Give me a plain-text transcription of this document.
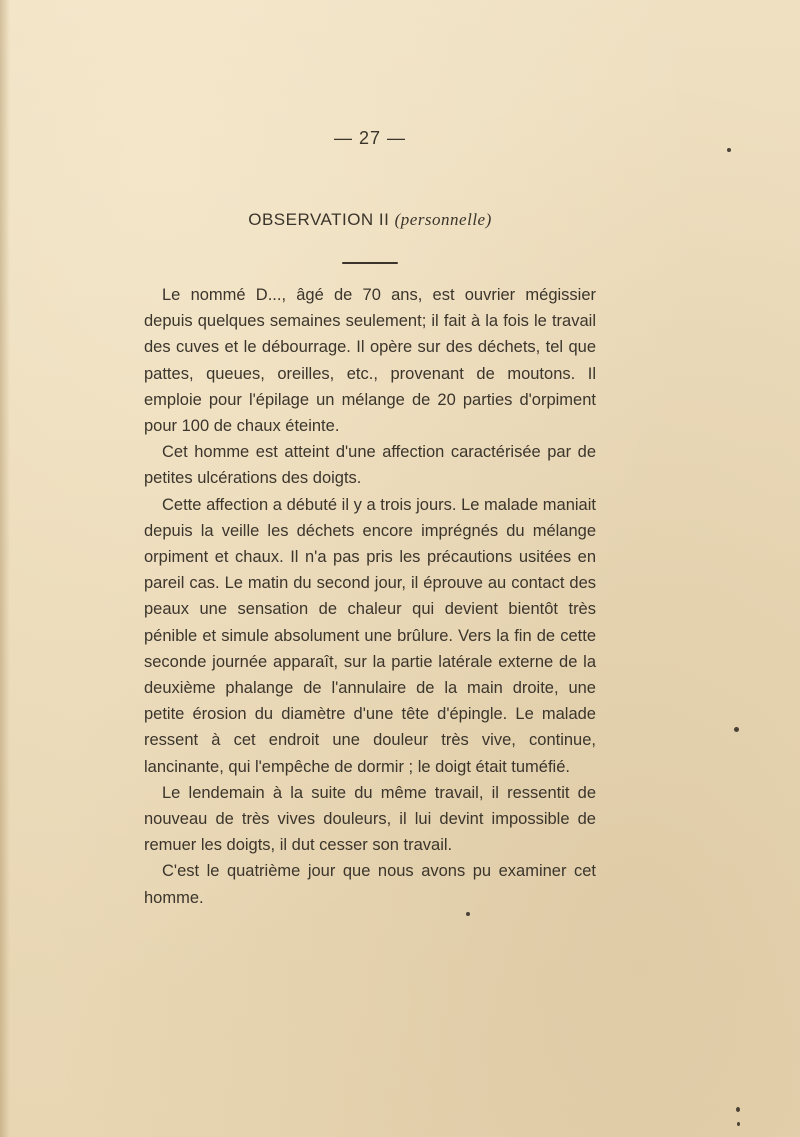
— 27 —
OBSERVATION II (personnelle)

Le nommé D..., âgé de 70 ans, est ouvrier mégissier depuis quelques semaines seulement; il fait à la fois le travail des cuves et le débourrage. Il opère sur des déchets, tel que pattes, queues, oreilles, etc., provenant de moutons. Il emploie pour l'épilage un mélange de 20 parties d'orpiment pour 100 de chaux éteinte.

Cet homme est atteint d'une affection caractérisée par de petites ulcérations des doigts.

Cette affection a débuté il y a trois jours. Le malade maniait depuis la veille les déchets encore imprégnés du mélange orpiment et chaux. Il n'a pas pris les précautions usitées en pareil cas. Le matin du second jour, il éprouve au contact des peaux une sensation de chaleur qui devient bientôt très pénible et simule absolument une brûlure. Vers la fin de cette seconde journée apparaît, sur la partie latérale externe de la deuxième phalange de l'annulaire de la main droite, une petite érosion du diamètre d'une tête d'épingle. Le malade ressent à cet endroit une douleur très vive, continue, lancinante, qui l'empêche de dormir ; le doigt était tuméfié.

Le lendemain à la suite du même travail, il ressentit de nouveau de très vives douleurs, il lui devint impossible de remuer les doigts, il dut cesser son travail.

C'est le quatrième jour que nous avons pu examiner cet homme.
